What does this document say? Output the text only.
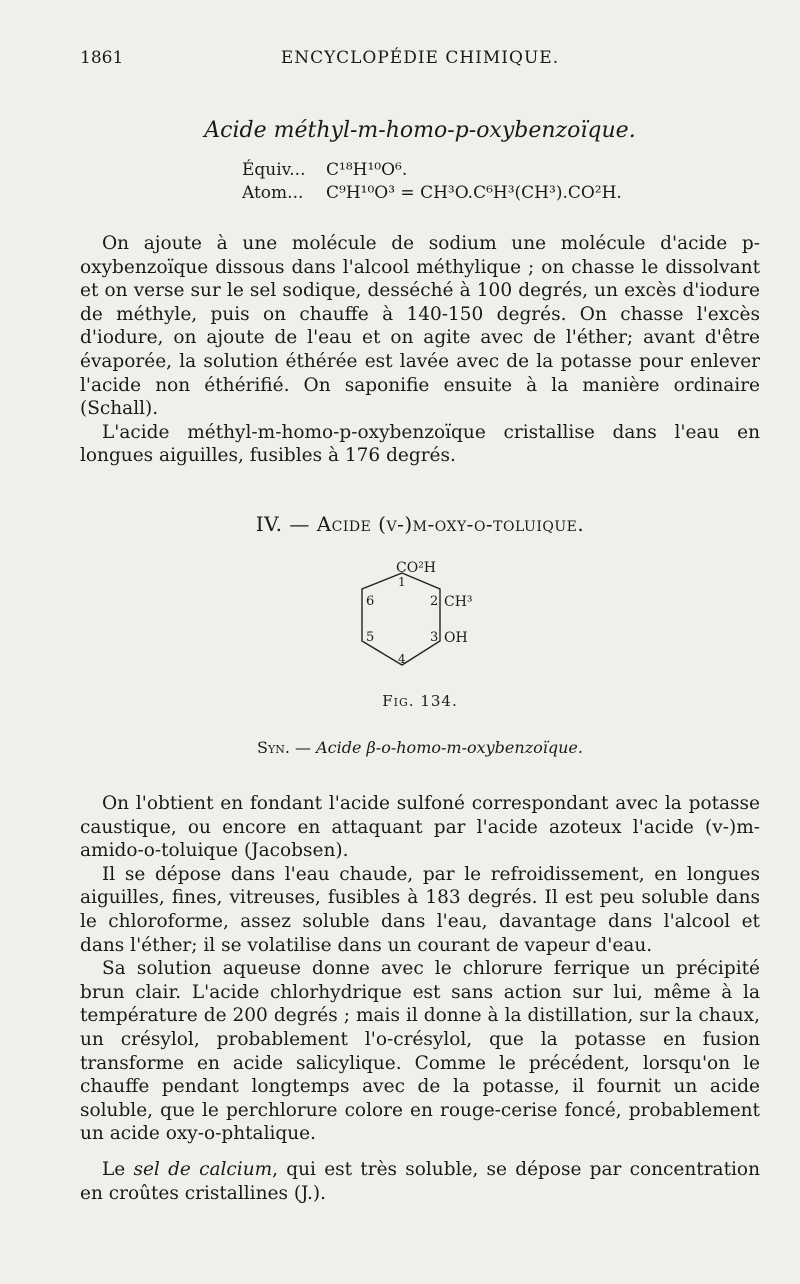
1861	ENCYCLOPÉDIE CHIMIQUE.
Acide méthyl-m-homo-p-oxybenzoïque.
Équiv... C¹⁸H¹⁰O⁶.
Atom... C⁹H¹⁰O³ = CH³O.C⁶H³(CH³).CO²H.

On ajoute à une molécule de sodium une molécule d'acide p-oxybenzoïque dissous dans l'alcool méthylique ; on chasse le dissolvant et on verse sur le sel sodique, desséché à 100 degrés, un excès d'iodure de méthyle, puis on chauffe à 140-150 degrés. On chasse l'excès d'iodure, on ajoute de l'eau et on agite avec de l'éther; avant d'être évaporée, la solution éthérée est lavée avec de la potasse pour enlever l'acide non éthérifié. On saponifie ensuite à la manière ordinaire (Schall).

L'acide méthyl-m-homo-p-oxybenzoïque cristallise dans l'eau en longues aiguilles, fusibles à 176 degrés.

IV. — Acide (v-)m-oxy-o-toluique.
CO²H
1
2 CH³
3 OH
4
5
6
Fig. 134.
Syn. — Acide β-o-homo-m-oxybenzoïque.

On l'obtient en fondant l'acide sulfoné correspondant avec la potasse caustique, ou encore en attaquant par l'acide azoteux l'acide (v-)m-amido-o-toluique (Jacobsen).

Il se dépose dans l'eau chaude, par le refroidissement, en longues aiguilles, fines, vitreuses, fusibles à 183 degrés. Il est peu soluble dans le chloroforme, assez soluble dans l'eau, davantage dans l'alcool et dans l'éther; il se volatilise dans un courant de vapeur d'eau.

Sa solution aqueuse donne avec le chlorure ferrique un précipité brun clair. L'acide chlorhydrique est sans action sur lui, même à la température de 200 degrés ; mais il donne à la distillation, sur la chaux, un crésylol, probablement l'o-crésylol, que la potasse en fusion transforme en acide salicylique. Comme le précédent, lorsqu'on le chauffe pendant longtemps avec de la potasse, il fournit un acide soluble, que le perchlorure colore en rouge-cerise foncé, probablement un acide oxy-o-phtalique.

Le sel de calcium, qui est très soluble, se dépose par concentration en croûtes cristallines (J.).
